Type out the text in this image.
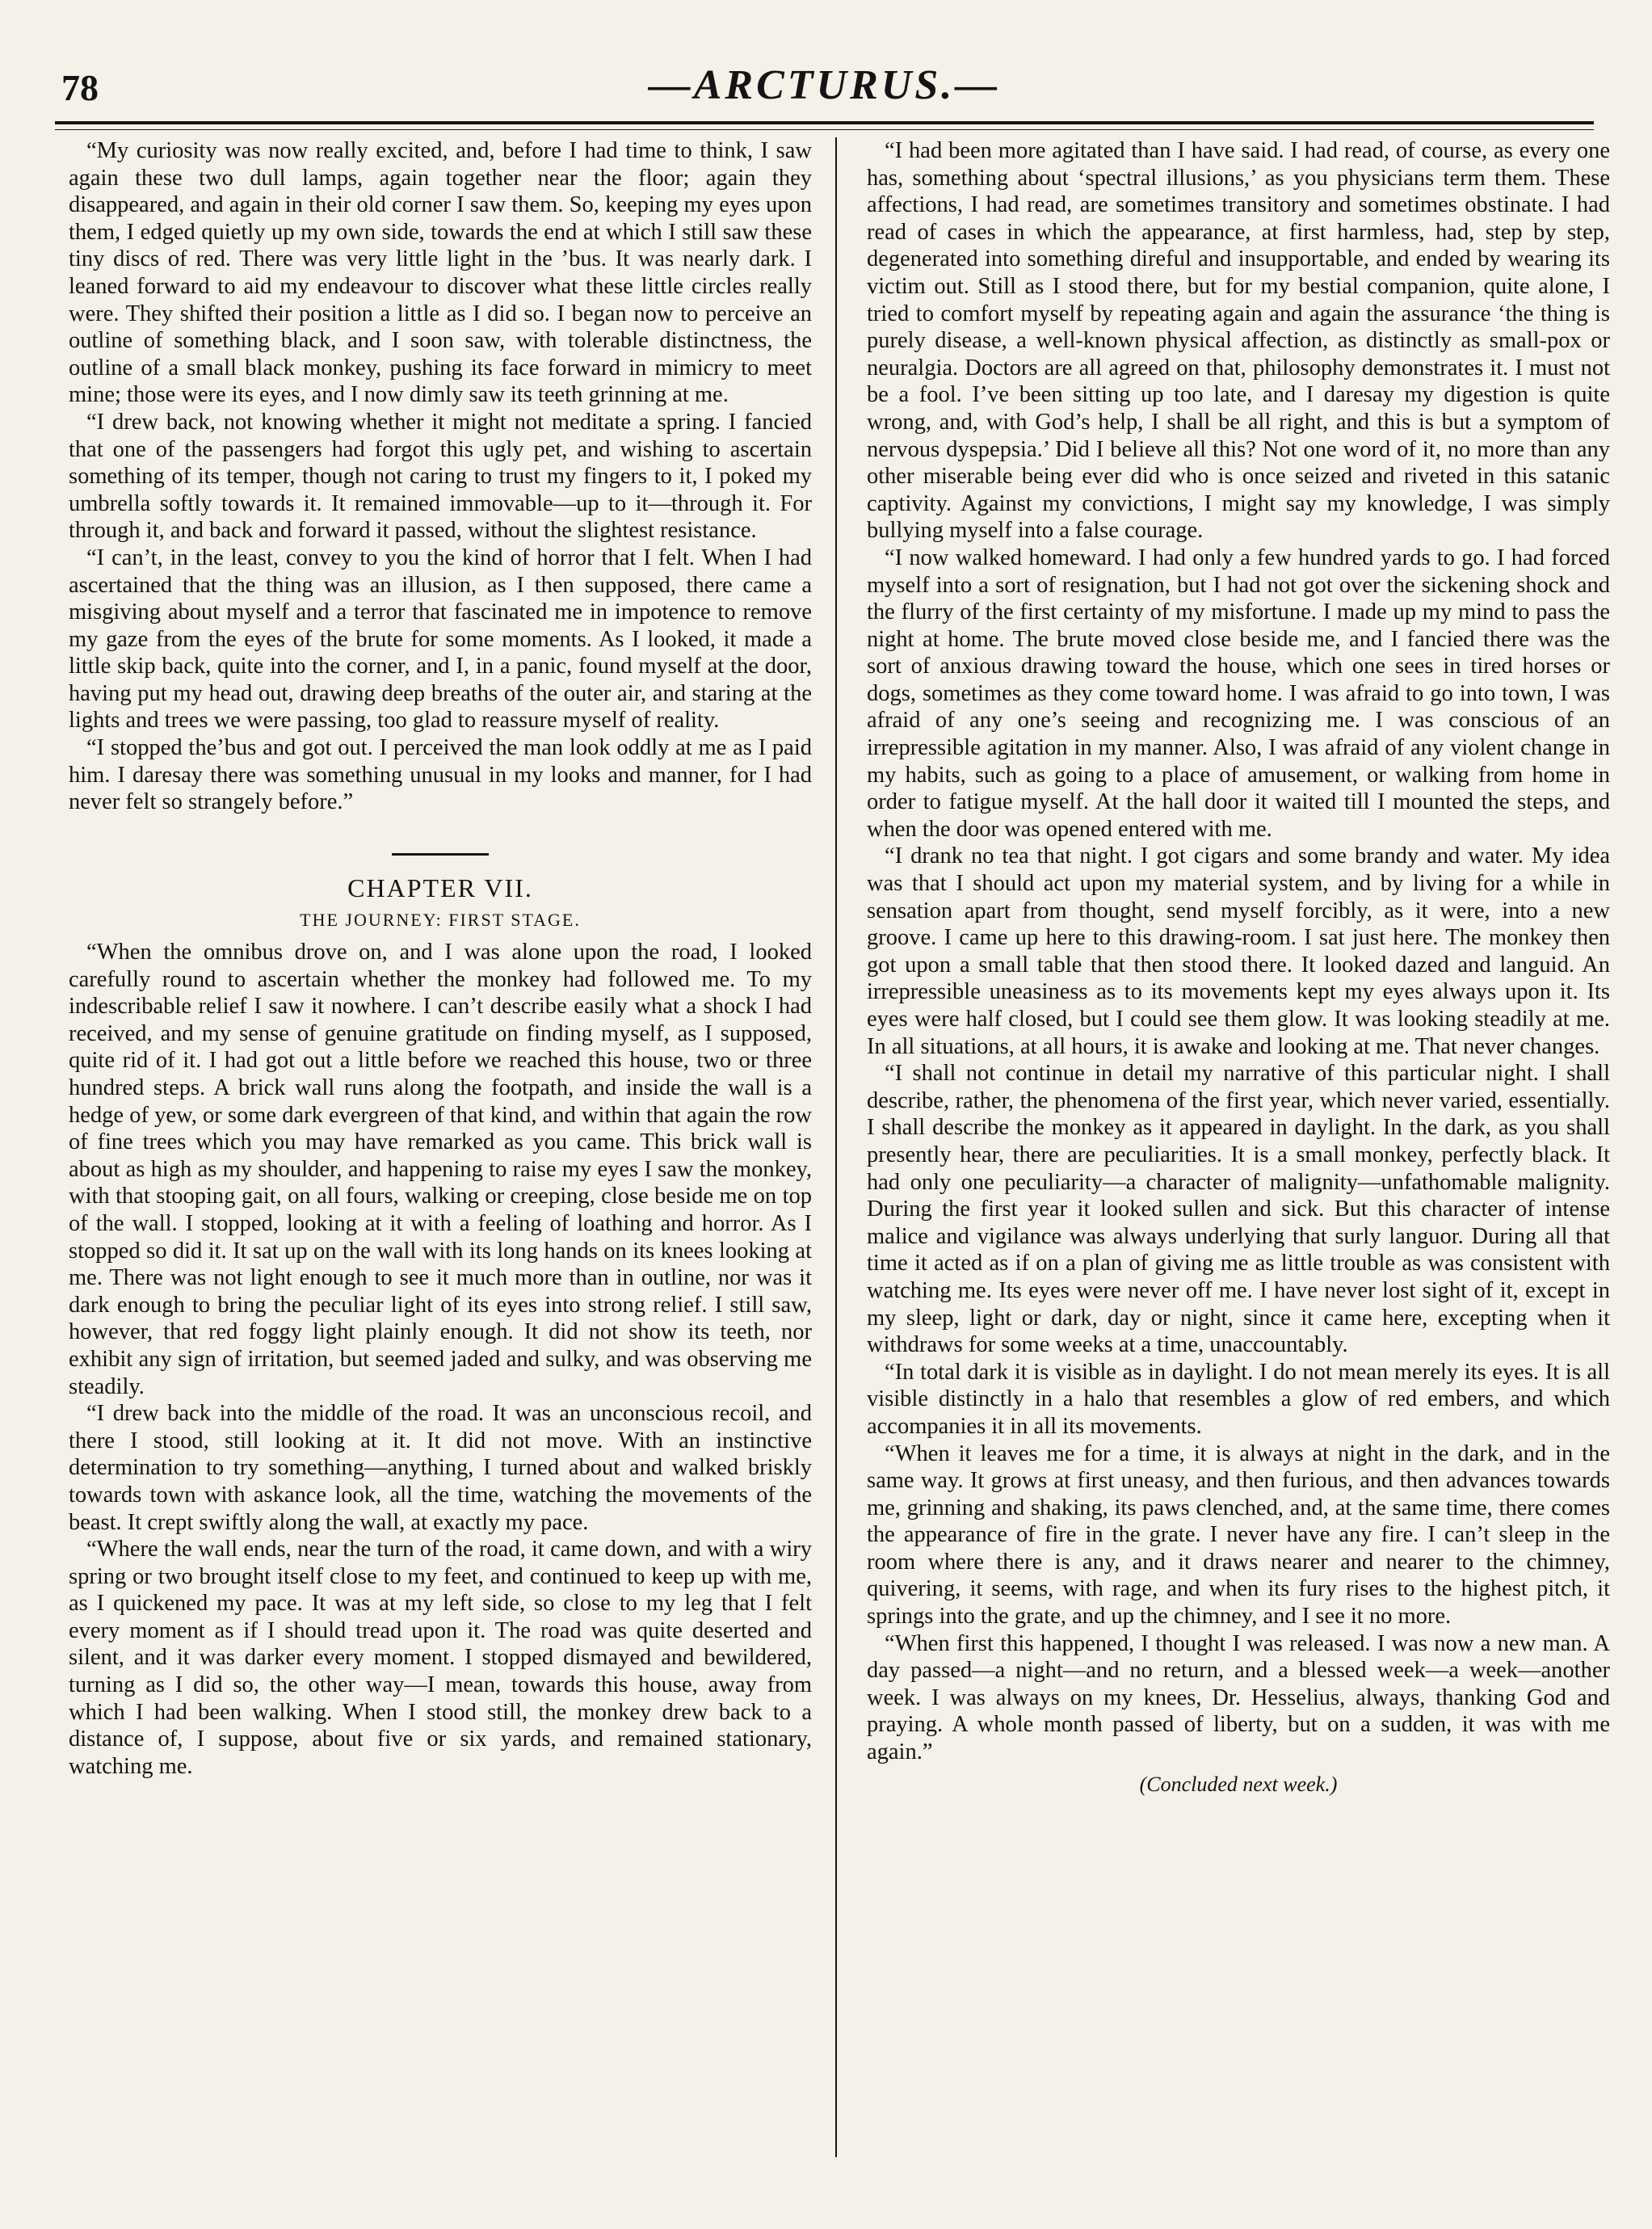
78	—ARCTURUS.—

“My curiosity was now really excited, and, before I had time to think, I saw again these two dull lamps, again together near the floor; again they disappeared, and again in their old corner I saw them. So, keeping my eyes upon them, I edged quietly up my own side, towards the end at which I still saw these tiny discs of red. There was very little light in the ’bus. It was nearly dark. I leaned forward to aid my endeavour to discover what these little circles really were. They shifted their position a little as I did so. I began now to perceive an outline of something black, and I soon saw, with tolerable distinctness, the outline of a small black monkey, pushing its face forward in mimicry to meet mine; those were its eyes, and I now dimly saw its teeth grinning at me.

“I drew back, not knowing whether it might not meditate a spring. I fancied that one of the passengers had forgot this ugly pet, and wishing to ascertain something of its temper, though not caring to trust my fingers to it, I poked my umbrella softly towards it. It remained immovable—up to it—through it. For through it, and back and forward it passed, without the slightest resistance.

“I can’t, in the least, convey to you the kind of horror that I felt. When I had ascertained that the thing was an illusion, as I then supposed, there came a misgiving about myself and a terror that fascinated me in impotence to remove my gaze from the eyes of the brute for some moments. As I looked, it made a little skip back, quite into the corner, and I, in a panic, found myself at the door, having put my head out, drawing deep breaths of the outer air, and staring at the lights and trees we were passing, too glad to reassure myself of reality.

“I stopped the’bus and got out. I perceived the man look oddly at me as I paid him. I daresay there was something unusual in my looks and manner, for I had never felt so strangely before.”

CHAPTER VII.
THE JOURNEY: FIRST STAGE.

“When the omnibus drove on, and I was alone upon the road, I looked carefully round to ascertain whether the monkey had followed me. To my indescribable relief I saw it nowhere. I can’t describe easily what a shock I had received, and my sense of genuine gratitude on finding myself, as I supposed, quite rid of it. I had got out a little before we reached this house, two or three hundred steps. A brick wall runs along the footpath, and inside the wall is a hedge of yew, or some dark evergreen of that kind, and within that again the row of fine trees which you may have remarked as you came. This brick wall is about as high as my shoulder, and happening to raise my eyes I saw the monkey, with that stooping gait, on all fours, walking or creeping, close beside me on top of the wall. I stopped, looking at it with a feeling of loathing and horror. As I stopped so did it. It sat up on the wall with its long hands on its knees looking at me. There was not light enough to see it much more than in outline, nor was it dark enough to bring the peculiar light of its eyes into strong relief. I still saw, however, that red foggy light plainly enough. It did not show its teeth, nor exhibit any sign of irritation, but seemed jaded and sulky, and was observing me steadily.

“I drew back into the middle of the road. It was an unconscious recoil, and there I stood, still looking at it. It did not move. With an instinctive determination to try something—anything, I turned about and walked briskly towards town with askance look, all the time, watching the movements of the beast. It crept swiftly along the wall, at exactly my pace.

“Where the wall ends, near the turn of the road, it came down, and with a wiry spring or two brought itself close to my feet, and continued to keep up with me, as I quickened my pace. It was at my left side, so close to my leg that I felt every moment as if I should tread upon it. The road was quite deserted and silent, and it was darker every moment. I stopped dismayed and bewildered, turning as I did so, the other way—I mean, towards this house, away from which I had been walking. When I stood still, the monkey drew back to a distance of, I suppose, about five or six yards, and remained stationary, watching me.

“I had been more agitated than I have said. I had read, of course, as every one has, something about ‘spectral illusions,’ as you physicians term them. These affections, I had read, are sometimes transitory and sometimes obstinate. I had read of cases in which the appearance, at first harmless, had, step by step, degenerated into something direful and insupportable, and ended by wearing its victim out. Still as I stood there, but for my bestial companion, quite alone, I tried to comfort myself by repeating again and again the assurance ‘the thing is purely disease, a well-known physical affection, as distinctly as small-pox or neuralgia. Doctors are all agreed on that, philosophy demonstrates it. I must not be a fool. I’ve been sitting up too late, and I daresay my digestion is quite wrong, and, with God’s help, I shall be all right, and this is but a symptom of nervous dyspepsia.’ Did I believe all this? Not one word of it, no more than any other miserable being ever did who is once seized and riveted in this satanic captivity. Against my convictions, I might say my knowledge, I was simply bullying myself into a false courage.

“I now walked homeward. I had only a few hundred yards to go. I had forced myself into a sort of resignation, but I had not got over the sickening shock and the flurry of the first certainty of my misfortune. I made up my mind to pass the night at home. The brute moved close beside me, and I fancied there was the sort of anxious drawing toward the house, which one sees in tired horses or dogs, sometimes as they come toward home. I was afraid to go into town, I was afraid of any one’s seeing and recognizing me. I was conscious of an irrepressible agitation in my manner. Also, I was afraid of any violent change in my habits, such as going to a place of amusement, or walking from home in order to fatigue myself. At the hall door it waited till I mounted the steps, and when the door was opened entered with me.

“I drank no tea that night. I got cigars and some brandy and water. My idea was that I should act upon my material system, and by living for a while in sensation apart from thought, send myself forcibly, as it were, into a new groove. I came up here to this drawing-room. I sat just here. The monkey then got upon a small table that then stood there. It looked dazed and languid. An irrepressible uneasiness as to its movements kept my eyes always upon it. Its eyes were half closed, but I could see them glow. It was looking steadily at me. In all situations, at all hours, it is awake and looking at me. That never changes.

“I shall not continue in detail my narrative of this particular night. I shall describe, rather, the phenomena of the first year, which never varied, essentially. I shall describe the monkey as it appeared in daylight. In the dark, as you shall presently hear, there are peculiarities. It is a small monkey, perfectly black. It had only one peculiarity—a character of malignity—unfathomable malignity. During the first year it looked sullen and sick. But this character of intense malice and vigilance was always underlying that surly languor. During all that time it acted as if on a plan of giving me as little trouble as was consistent with watching me. Its eyes were never off me. I have never lost sight of it, except in my sleep, light or dark, day or night, since it came here, excepting when it withdraws for some weeks at a time, unaccountably.

“In total dark it is visible as in daylight. I do not mean merely its eyes. It is all visible distinctly in a halo that resembles a glow of red embers, and which accompanies it in all its movements.

“When it leaves me for a time, it is always at night in the dark, and in the same way. It grows at first uneasy, and then furious, and then advances towards me, grinning and shaking, its paws clenched, and, at the same time, there comes the appearance of fire in the grate. I never have any fire. I can’t sleep in the room where there is any, and it draws nearer and nearer to the chimney, quivering, it seems, with rage, and when its fury rises to the highest pitch, it springs into the grate, and up the chimney, and I see it no more.

“When first this happened, I thought I was released. I was now a new man. A day passed—a night—and no return, and a blessed week—a week—another week. I was always on my knees, Dr. Hesselius, always, thanking God and praying. A whole month passed of liberty, but on a sudden, it was with me again.”

(Concluded next week.)
